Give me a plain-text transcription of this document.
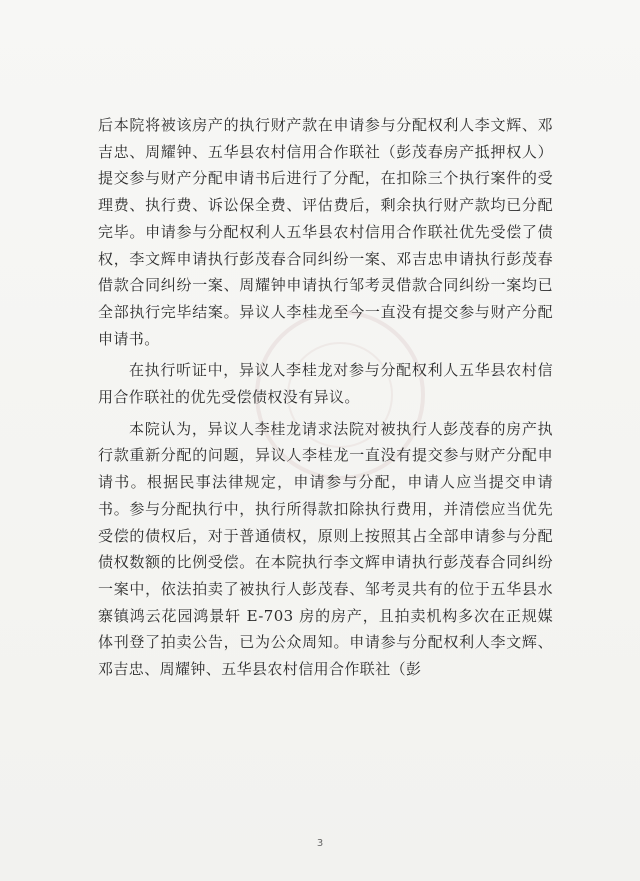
后本院将被该房产的执行财产款在申请参与分配权利人李文辉、邓吉忠、周耀钟、五华县农村信用合作联社（彭茂春房产抵押权人）提交参与财产分配申请书后进行了分配，在扣除三个执行案件的受理费、执行费、诉讼保全费、评估费后，剩余执行财产款均已分配完毕。申请参与分配权利人五华县农村信用合作联社优先受偿了债权，李文辉申请执行彭茂春合同纠纷一案、邓吉忠申请执行彭茂春借款合同纠纷一案、周耀钟申请执行邹考灵借款合同纠纷一案均已全部执行完毕结案。异议人李桂龙至今一直没有提交参与财产分配申请书。

在执行听证中，异议人李桂龙对参与分配权利人五华县农村信用合作联社的优先受偿债权没有异议。

本院认为，异议人李桂龙请求法院对被执行人彭茂春的房产执行款重新分配的问题，异议人李桂龙一直没有提交参与财产分配申请书。根据民事法律规定，申请参与分配，申请人应当提交申请书。参与分配执行中，执行所得款扣除执行费用，并清偿应当优先受偿的债权后，对于普通债权，原则上按照其占全部申请参与分配债权数额的比例受偿。在本院执行李文辉申请执行彭茂春合同纠纷一案中，依法拍卖了被执行人彭茂春、邹考灵共有的位于五华县水寨镇鸿云花园鸿景轩 E-703 房的房产，且拍卖机构多次在正规媒体刊登了拍卖公告，已为公众周知。申请参与分配权利人李文辉、邓吉忠、周耀钟、五华县农村信用合作联社（彭

3
